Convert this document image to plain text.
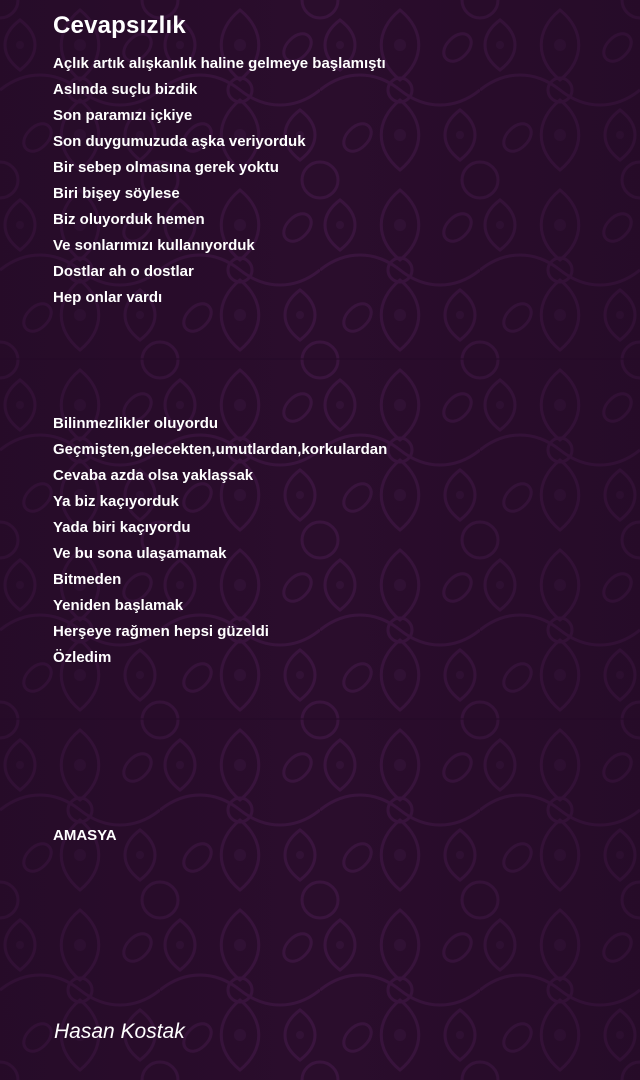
Cevapsızlık
Açlık artık alışkanlık haline gelmeye başlamıştı
Aslında suçlu bizdik
Son paramızı içkiye
Son duygumuzuda aşka veriyorduk
Bir sebep olmasına gerek yoktu
Biri bişey söylese
Biz oluyorduk hemen
Ve sonlarımızı kullanıyorduk
Dostlar ah o dostlar
Hep onlar vardı
Bilinmezlikler oluyordu
Geçmişten,gelecekten,umutlardan,korkulardan
Cevaba azda olsa yaklaşsak
Ya biz kaçıyorduk
Yada biri kaçıyordu
Ve bu sona ulaşamamak
Bitmeden
Yeniden başlamak
Herşeye rağmen hepsi güzeldi
Özledim
AMASYA
Hasan Kostak
